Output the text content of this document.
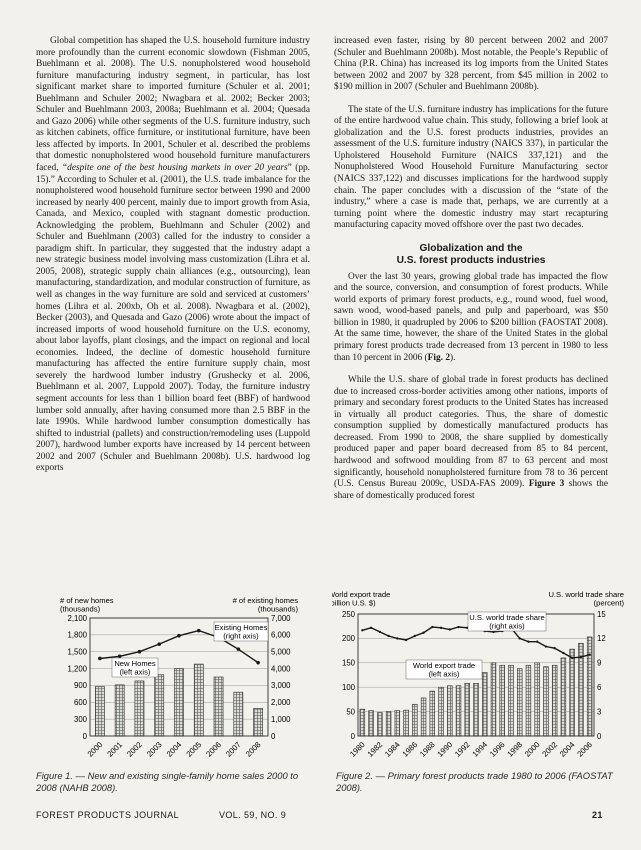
Global competition has shaped the U.S. household furniture industry more profoundly than the current economic slowdown (Fishman 2005, Buehlmann et al. 2008). The U.S. nonupholstered wood household furniture manufacturing industry segment, in particular, has lost significant market share to imported furniture (Schuler et al. 2001; Buehlmann and Schuler 2002; Nwagbara et al. 2002; Becker 2003; Schuler and Buehlmann 2003, 2008a; Buehlmann et al. 2004; Quesada and Gazo 2006) while other segments of the U.S. furniture industry, such as kitchen cabinets, office furniture, or institutional furniture, have been less affected by imports. In 2001, Schuler et al. described the problems that domestic nonupholstered wood household furniture manufacturers faced, “despite one of the best housing markets in over 20 years” (pp. 15).” According to Schuler et al. (2001), the U.S. trade imbalance for the nonupholstered wood household furniture sector between 1990 and 2000 increased by nearly 400 percent, mainly due to import growth from Asia, Canada, and Mexico, coupled with stagnant domestic production. Acknowledging the problem, Buehlmann and Schuler (2002) and Schuler and Buehlmann (2003) called for the industry to consider a paradigm shift. In particular, they suggested that the industry adapt a new strategic business model involving mass customization (Lihra et al. 2005, 2008), strategic supply chain alliances (e.g., outsourcing), lean manufacturing, standardization, and modular construction of furniture, as well as changes in the way furniture are sold and serviced at customers’ homes (Lihra et al. 200xb, Oh et al. 2008). Nwagbara et al. (2002), Becker (2003), and Quesada and Gazo (2006) wrote about the impact of increased imports of wood household furniture on the U.S. economy, about labor layoffs, plant closings, and the impact on regional and local economies. Indeed, the decline of domestic household furniture manufacturing has affected the entire furniture supply chain, most severely the hardwood lumber industry (Grushecky et al. 2006, Buehlmann et al. 2007, Luppold 2007). Today, the furniture industry segment accounts for less than 1 billion board feet (BBF) of hardwood lumber sold annually, after having consumed more than 2.5 BBF in the late 1990s. While hardwood lumber consumption domestically has shifted to industrial (pallets) and construction/remodeling uses (Luppold 2007), hardwood lumber exports have increased by 14 percent between 2002 and 2007 (Schuler and Buehlmann 2008b). U.S. hardwood log exports

increased even faster, rising by 80 percent between 2002 and 2007 (Schuler and Buehlmann 2008b). Most notable, the People’s Republic of China (P.R. China) has increased its log imports from the United States between 2002 and 2007 by 328 percent, from $45 million in 2002 to $190 million in 2007 (Schuler and Buehlmann 2008b).

The state of the U.S. furniture industry has implications for the future of the entire hardwood value chain. This study, following a brief look at globalization and the U.S. forest products industries, provides an assessment of the U.S. furniture industry (NAICS 337), in particular the Upholstered Household Furniture (NAICS 337,121) and the Nonupholstered Wood Household Furniture Manufacturing sector (NAICS 337,122) and discusses implications for the hardwood supply chain. The paper concludes with a discussion of the “state of the industry,” where a case is made that, perhaps, we are currently at a turning point where the domestic industry may start recapturing manufacturing capacity moved offshore over the past two decades.

Globalization and the
U.S. forest products industries

Over the last 30 years, growing global trade has impacted the flow and the source, conversion, and consumption of forest products. While world exports of primary forest products, e.g., round wood, fuel wood, sawn wood, wood-based panels, and pulp and paperboard, was $50 billion in 1980, it quadrupled by 2006 to $200 billion (FAOSTAT 2008). At the same time, however, the share of the United States in the global primary forest products trade decreased from 13 percent in 1980 to less than 10 percent in 2006 (Fig. 2).

While the U.S. share of global trade in forest products has declined due to increased cross-border activities among other nations, imports of primary and secondary forest products to the United States has increased in virtually all product categories. Thus, the share of domestic consumption supplied by domestically manufactured products has decreased. From 1990 to 2008, the share supplied by domestically produced paper and paper board decreased from 85 to 84 percent, hardwood and softwood moulding from 87 to 63 percent and most significantly, household nonupholstered furniture from 78 to 36 percent (U.S. Census Bureau 2009c, USDA-FAS 2009). Figure 3 shows the share of domestically produced forest

# of new homes
(thousands)
# of existing homes
(thousands)
0
300
600
900
1,200
1,500
1,800
2,100
0
1,000
2,000
3,000
4,000
5,000
6,000
7,000
2000 2001 2002 2003 2004 2005 2006 2007 2008
New Homes
(left axis)
Existing Homes
(right axis)
World export trade
(billion U.S. $)
U.S. world trade share
(percent)
0
50
100
150
200
250
0
3
6
9
12
15
1980
1982
1984
1986
1988
1990
1992
1994
1996
1998
2000
2002
2004
2006
World export trade
(left axis)
U.S. world trade share
(right axis)
Figure 1. — New and existing single-family home sales 2000 to 2008 (NAHB 2008).
Figure 2. — Primary forest products trade 1980 to 2006 (FAOSTAT 2008).
FOREST PRODUCTS JOURNAL	VOL. 59, NO. 9	21
